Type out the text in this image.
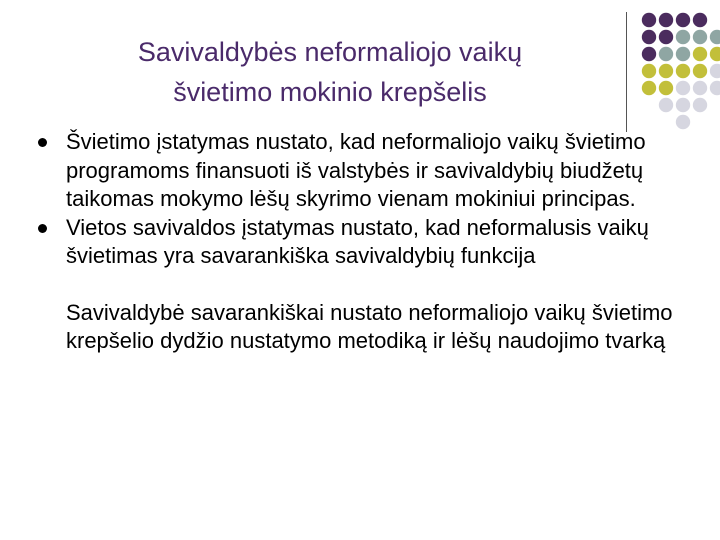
Savivaldybės neformaliojo vaikų
švietimo mokinio krepšelis
Švietimo įstatymas nustato, kad neformaliojo vaikų švietimo programoms finansuoti iš valstybės ir savivaldybių biudžetų taikomas mokymo lėšų skyrimo vienam mokiniui principas.
Vietos savivaldos įstatymas nustato, kad neformalusis vaikų švietimas yra savarankiška savivaldybių funkcija
Savivaldybė savarankiškai nustato neformaliojo vaikų švietimo krepšelio dydžio nustatymo metodiką ir lėšų naudojimo tvarką
